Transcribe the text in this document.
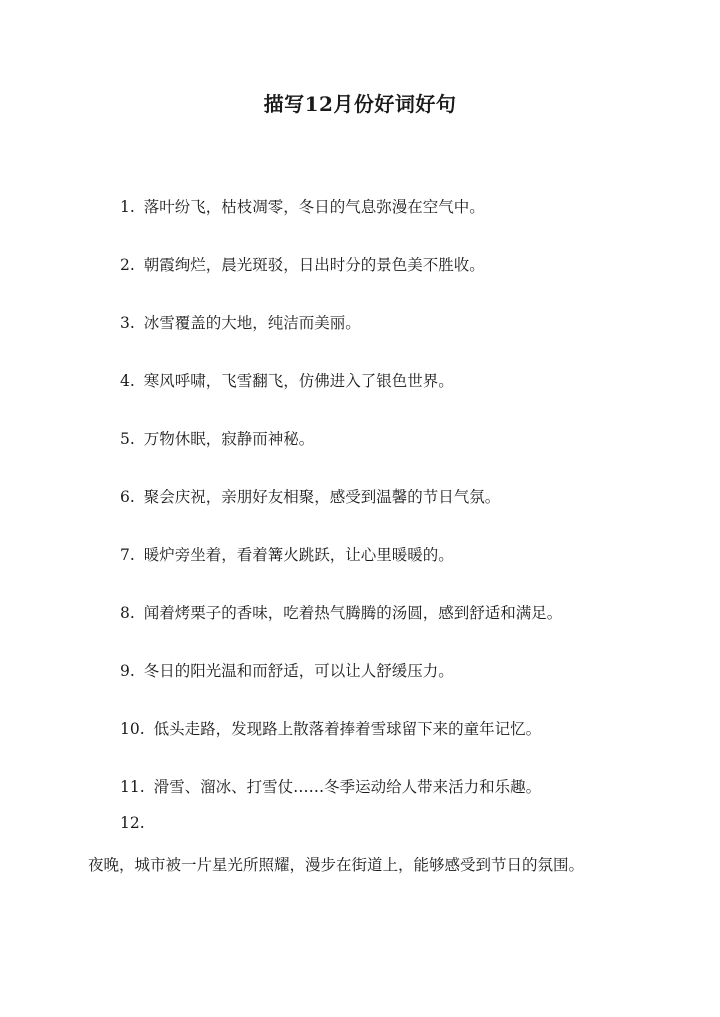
描写12月份好词好句
1. 落叶纷飞，枯枝凋零，冬日的气息弥漫在空气中。
2. 朝霞绚烂，晨光斑驳，日出时分的景色美不胜收。
3. 冰雪覆盖的大地，纯洁而美丽。
4. 寒风呼啸，飞雪翻飞，仿佛进入了银色世界。
5. 万物休眠，寂静而神秘。
6. 聚会庆祝，亲朋好友相聚，感受到温馨的节日气氛。
7. 暖炉旁坐着，看着篝火跳跃，让心里暖暖的。
8. 闻着烤栗子的香味，吃着热气腾腾的汤圆，感到舒适和满足。
9. 冬日的阳光温和而舒适，可以让人舒缓压力。
10. 低头走路，发现路上散落着捧着雪球留下来的童年记忆。
11. 滑雪、溜冰、打雪仗……冬季运动给人带来活力和乐趣。
12.
夜晚，城市被一片星光所照耀，漫步在街道上，能够感受到节日的氛围。
